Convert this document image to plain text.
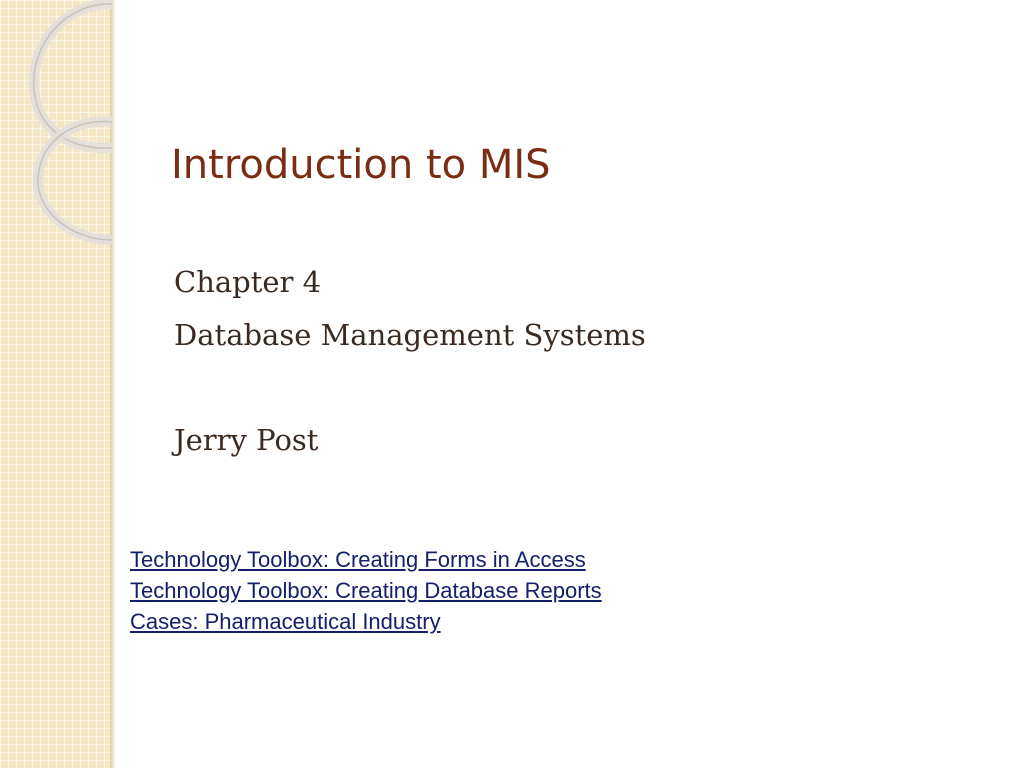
Introduction to MIS

Chapter 4

Database Management Systems

Jerry Post

Technology Toolbox: Creating Forms in Access
Technology Toolbox: Creating Database Reports
Cases: Pharmaceutical Industry
